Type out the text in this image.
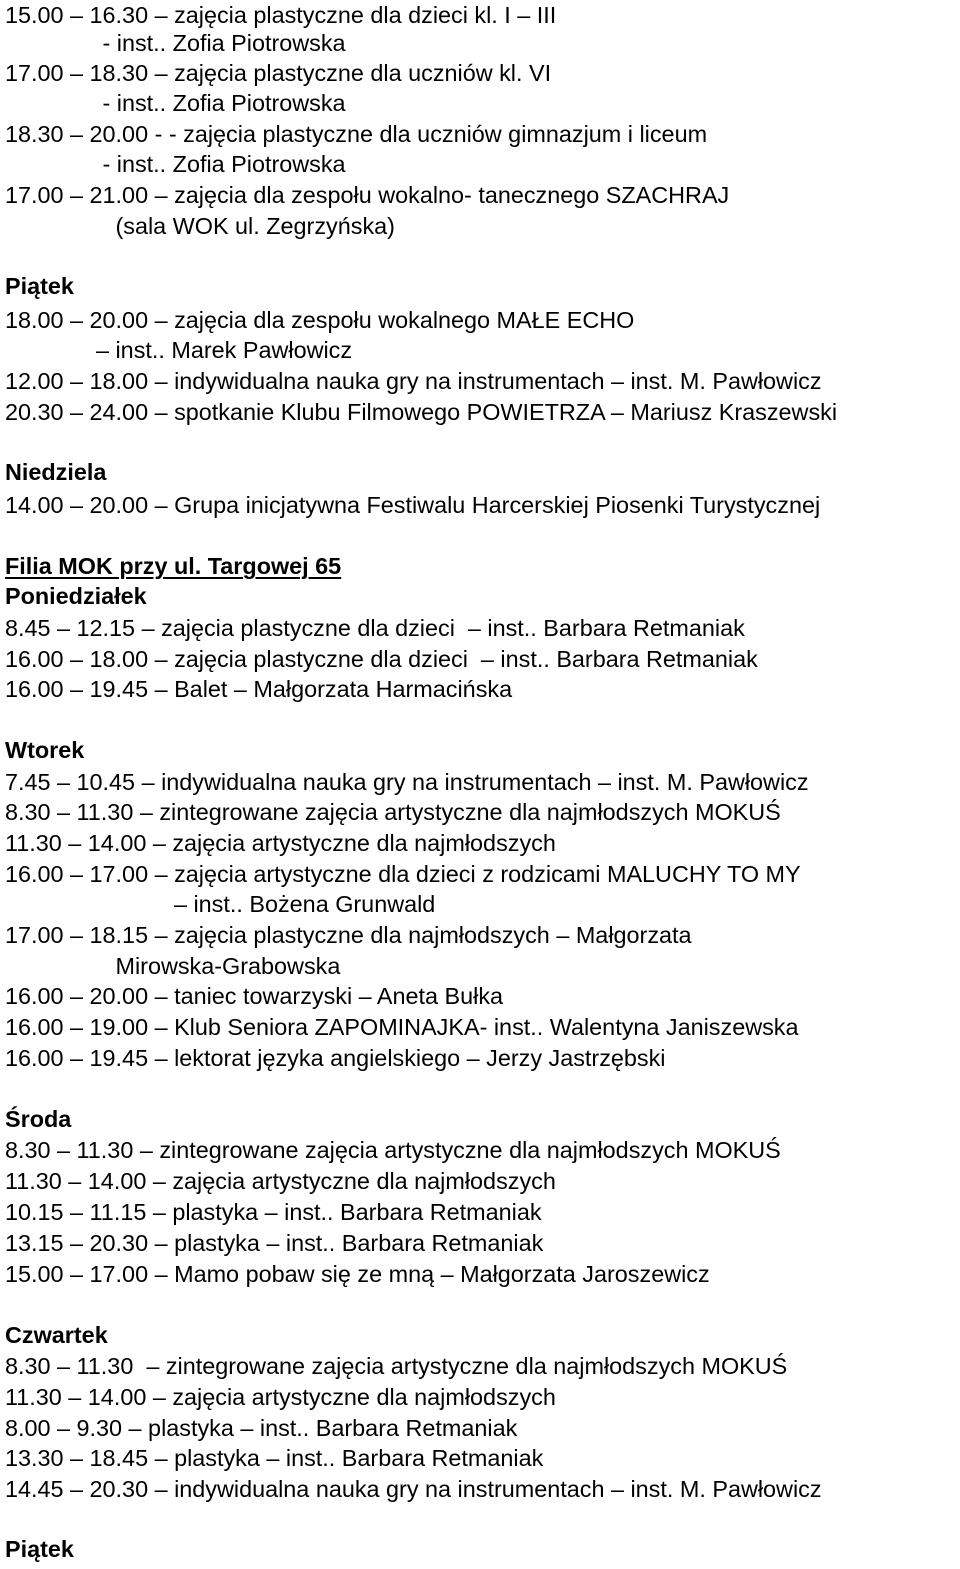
15.00 – 16.30 – zajęcia plastyczne dla dzieci kl. I – III

- inst.. Zofia Piotrowska

17.00 – 18.30 – zajęcia plastyczne dla uczniów kl. VI

- inst.. Zofia Piotrowska

18.30 – 20.00 - - zajęcia plastyczne dla uczniów gimnazjum i liceum

- inst.. Zofia Piotrowska

17.00 – 21.00 – zajęcia dla zespołu wokalno- tanecznego SZACHRAJ

(sala WOK ul. Zegrzyńska)

Piątek

18.00 – 20.00 – zajęcia dla zespołu wokalnego MAŁE ECHO

– inst.. Marek Pawłowicz

12.00 – 18.00 – indywidualna nauka gry na instrumentach – inst. M. Pawłowicz

20.30 – 24.00 – spotkanie Klubu Filmowego POWIETRZA – Mariusz Kraszewski

Niedziela

14.00 – 20.00 – Grupa inicjatywna Festiwalu Harcerskiej Piosenki Turystycznej

Filia MOK przy ul. Targowej 65

Poniedziałek

8.45 – 12.15 – zajęcia plastyczne dla dzieci  – inst.. Barbara Retmaniak

16.00 – 18.00 – zajęcia plastyczne dla dzieci  – inst.. Barbara Retmaniak

16.00 – 19.45 – Balet – Małgorzata Harmacińska

Wtorek

7.45 – 10.45 – indywidualna nauka gry na instrumentach – inst. M. Pawłowicz

8.30 – 11.30 – zintegrowane zajęcia artystyczne dla najmłodszych MOKUŚ

11.30 – 14.00 – zajęcia artystyczne dla najmłodszych

16.00 – 17.00 – zajęcia artystyczne dla dzieci z rodzicami MALUCHY TO MY

– inst.. Bożena Grunwald

17.00 – 18.15 – zajęcia plastyczne dla najmłodszych – Małgorzata

Mirowska-Grabowska

16.00 – 20.00 – taniec towarzyski – Aneta Bułka

16.00 – 19.00 – Klub Seniora ZAPOMINAJKA- inst.. Walentyna Janiszewska

16.00 – 19.45 – lektorat języka angielskiego – Jerzy Jastrzębski

Środa

8.30 – 11.30 – zintegrowane zajęcia artystyczne dla najmłodszych MOKUŚ

11.30 – 14.00 – zajęcia artystyczne dla najmłodszych

10.15 – 11.15 – plastyka – inst.. Barbara Retmaniak

13.15 – 20.30 – plastyka – inst.. Barbara Retmaniak

15.00 – 17.00 – Mamo pobaw się ze mną – Małgorzata Jaroszewicz

Czwartek

8.30 – 11.30  – zintegrowane zajęcia artystyczne dla najmłodszych MOKUŚ

11.30 – 14.00 – zajęcia artystyczne dla najmłodszych

8.00 – 9.30 – plastyka – inst.. Barbara Retmaniak

13.30 – 18.45 – plastyka – inst.. Barbara Retmaniak

14.45 – 20.30 – indywidualna nauka gry na instrumentach – inst. M. Pawłowicz

Piątek
